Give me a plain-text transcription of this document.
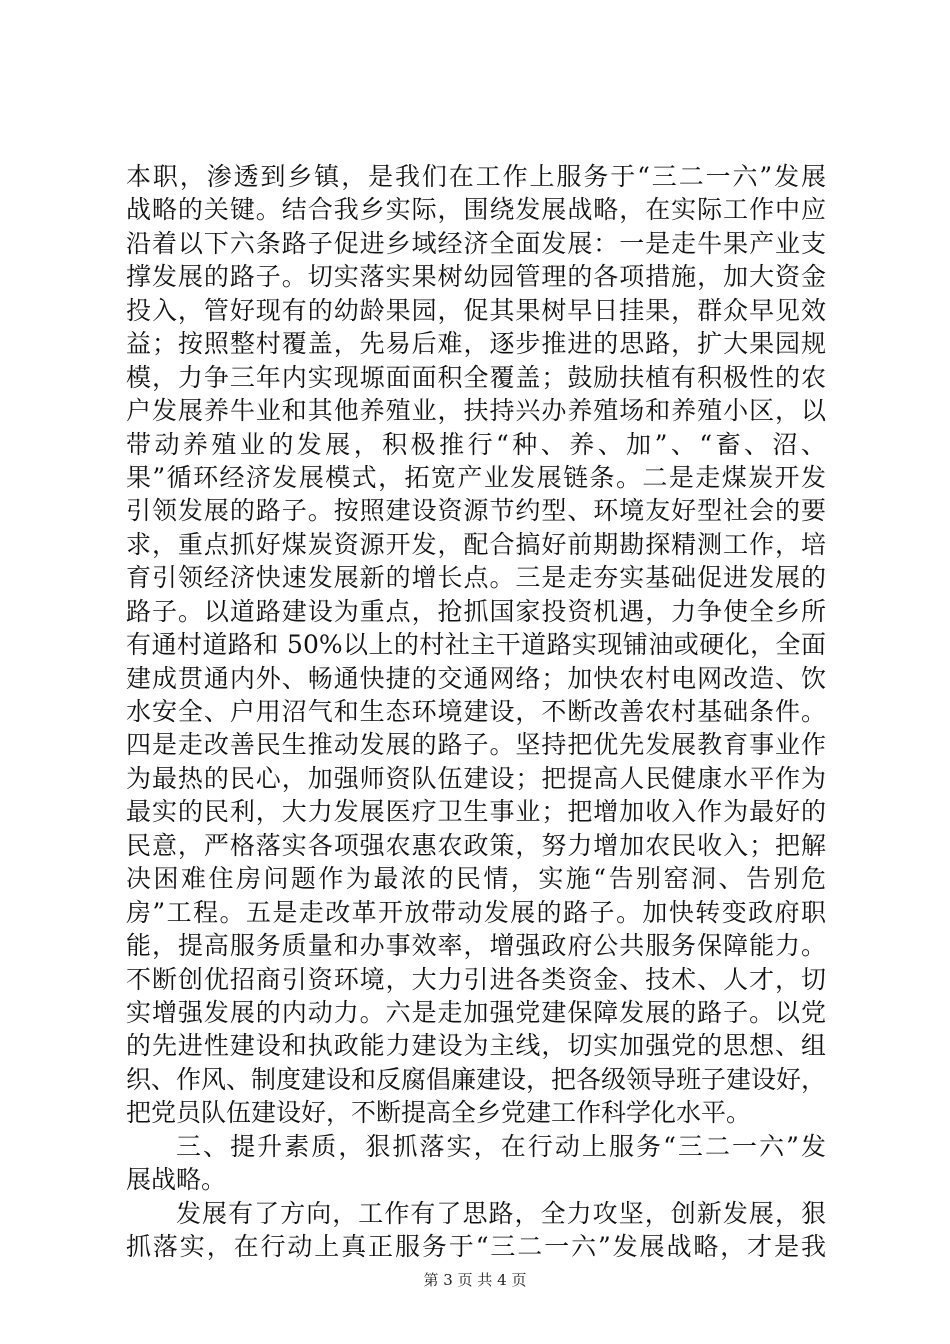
本职，渗透到乡镇，是我们在工作上服务于“三二一六”发展
战略的关键。结合我乡实际，围绕发展战略，在实际工作中应
沿着以下六条路子促进乡域经济全面发展：一是走牛果产业支
撑发展的路子。切实落实果树幼园管理的各项措施，加大资金
投入，管好现有的幼龄果园，促其果树早日挂果，群众早见效
益；按照整村覆盖，先易后难，逐步推进的思路，扩大果园规
模，力争三年内实现塬面面积全覆盖；鼓励扶植有积极性的农
户发展养牛业和其他养殖业，扶持兴办养殖场和养殖小区，以
带动养殖业的发展，积极推行“种、养、加”、“畜、沼、
果”循环经济发展模式，拓宽产业发展链条。二是走煤炭开发
引领发展的路子。按照建设资源节约型、环境友好型社会的要
求，重点抓好煤炭资源开发，配合搞好前期勘探精测工作，培
育引领经济快速发展新的增长点。三是走夯实基础促进发展的
路子。以道路建设为重点，抢抓国家投资机遇，力争使全乡所
有通村道路和 50%以上的村社主干道路实现铺油或硬化，全面
建成贯通内外、畅通快捷的交通网络；加快农村电网改造、饮
水安全、户用沼气和生态环境建设，不断改善农村基础条件。
四是走改善民生推动发展的路子。坚持把优先发展教育事业作
为最热的民心，加强师资队伍建设；把提高人民健康水平作为
最实的民利，大力发展医疗卫生事业；把增加收入作为最好的
民意，严格落实各项强农惠农政策，努力增加农民收入；把解
决困难住房问题作为最浓的民情，实施“告别窑洞、告别危
房”工程。五是走改革开放带动发展的路子。加快转变政府职
能，提高服务质量和办事效率，增强政府公共服务保障能力。
不断创优招商引资环境，大力引进各类资金、技术、人才，切
实增强发展的内动力。六是走加强党建保障发展的路子。以党
的先进性建设和执政能力建设为主线，切实加强党的思想、组
织、作风、制度建设和反腐倡廉建设，把各级领导班子建设好，
把党员队伍建设好，不断提高全乡党建工作科学化水平。
三、提升素质，狠抓落实，在行动上服务“三二一六”发
展战略。
发展有了方向，工作有了思路，全力攻坚，创新发展，狠
抓落实，在行动上真正服务于“三二一六”发展战略，才是我
第 3 页 共 4 页
